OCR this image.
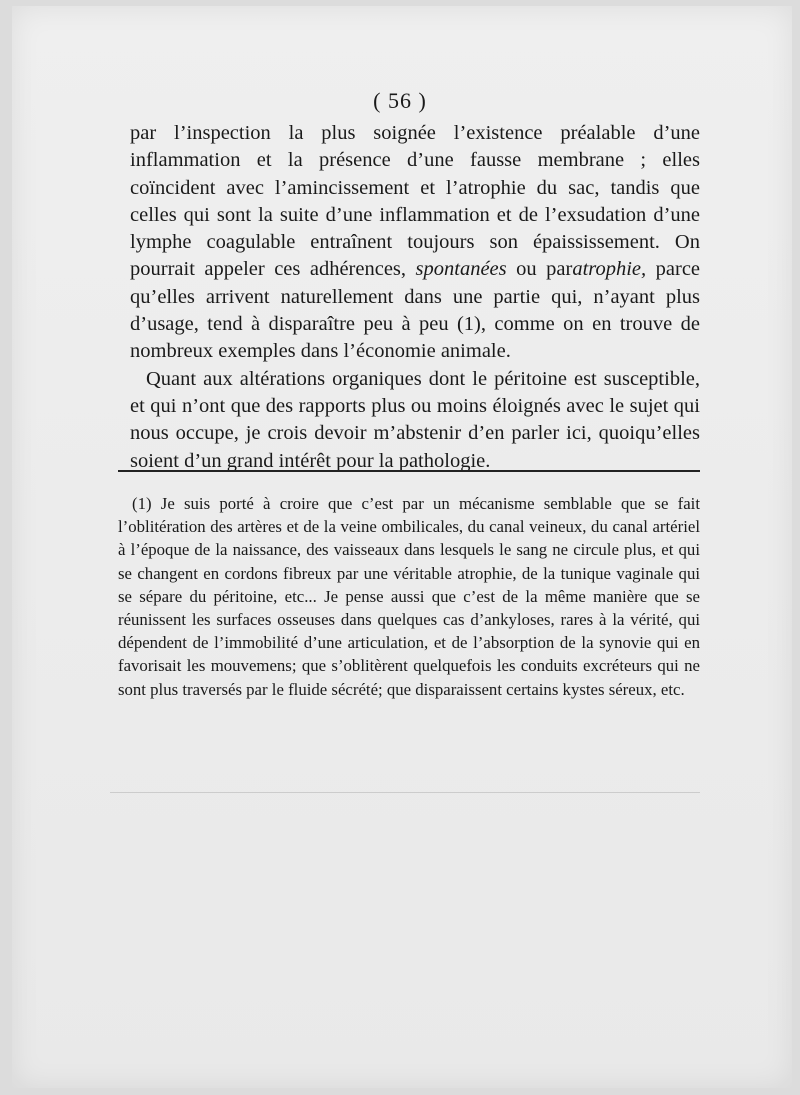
( 56 )

par l’inspection la plus soignée l’existence préalable d’une inflammation et la présence d’une fausse membrane ; elles coïncident avec l’amincissement et l’atrophie du sac, tandis que celles qui sont la suite d’une inflammation et de l’exsudation d’une lymphe coagulable entraînent toujours son épaississement. On pourrait appeler ces adhérences, spontanées ou paratrophie, parce qu’elles arrivent naturellement dans une partie qui, n’ayant plus d’usage, tend à disparaître peu à peu (1), comme on en trouve de nombreux exemples dans l’économie animale.

Quant aux altérations organiques dont le péritoine est susceptible, et qui n’ont que des rapports plus ou moins éloignés avec le sujet qui nous occupe, je crois devoir m’abstenir d’en parler ici, quoiqu’elles soient d’un grand intérêt pour la pathologie.

(1) Je suis porté à croire que c’est par un mécanisme semblable que se fait l’oblitération des artères et de la veine ombilicales, du canal veineux, du canal artériel à l’époque de la naissance, des vaisseaux dans lesquels le sang ne circule plus, et qui se changent en cordons fibreux par une véritable atrophie, de la tunique vaginale qui se sépare du péritoine, etc... Je pense aussi que c’est de la même manière que se réunissent les surfaces osseuses dans quelques cas d’ankyloses, rares à la vérité, qui dépendent de l’immobilité d’une articulation, et de l’absorption de la synovie qui en favorisait les mouvemens; que s’oblitèrent quelquefois les conduits excréteurs qui ne sont plus traversés par le fluide sécrété; que disparaissent certains kystes séreux, etc.
